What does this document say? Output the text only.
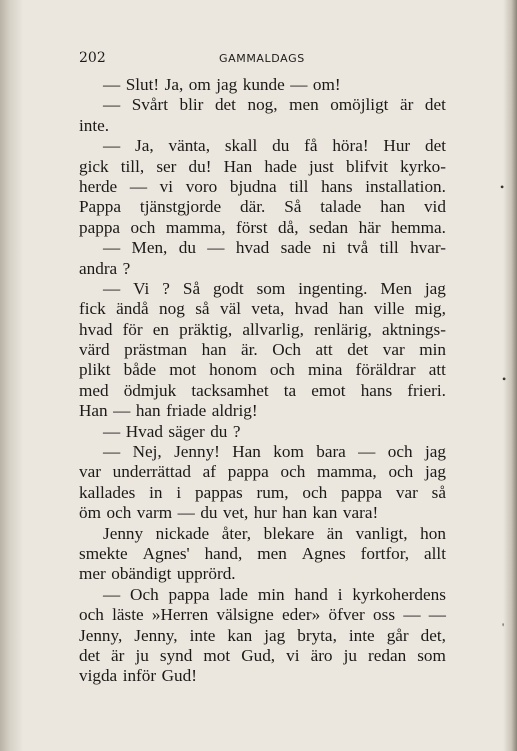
202	GAMMALDAGS
— Slut! Ja, om jag kunde — om!
— Svårt blir det nog, men omöjligt är det
inte.
— Ja, vänta, skall du få höra! Hur det
gick till, ser du! Han hade just blifvit kyrko-
herde — vi voro bjudna till hans installation.
Pappa tjänstgjorde där. Så talade han vid
pappa och mamma, först då, sedan här hemma.
— Men, du — hvad sade ni två till hvar-
andra ?
— Vi ? Så godt som ingenting. Men jag
fick ändå nog så väl veta, hvad han ville mig,
hvad för en präktig, allvarlig, renlärig, aktnings-
värd prästman han är. Och att det var min
plikt både mot honom och mina föräldrar att
med ödmjuk tacksamhet ta emot hans frieri.
Han — han friade aldrig!
— Hvad säger du ?
— Nej, Jenny! Han kom bara — och jag
var underrättad af pappa och mamma, och jag
kallades in i pappas rum, och pappa var så
öm och varm — du vet, hur han kan vara!
Jenny nickade åter, blekare än vanligt, hon
smekte Agnes' hand, men Agnes fortfor, allt
mer obändigt upprörd.
— Och pappa lade min hand i kyrkoherdens
och läste »Herren välsigne eder» öfver oss — —
Jenny, Jenny, inte kan jag bryta, inte går det,
det är ju synd mot Gud, vi äro ju redan som
vigda inför Gud!
•
•
'
